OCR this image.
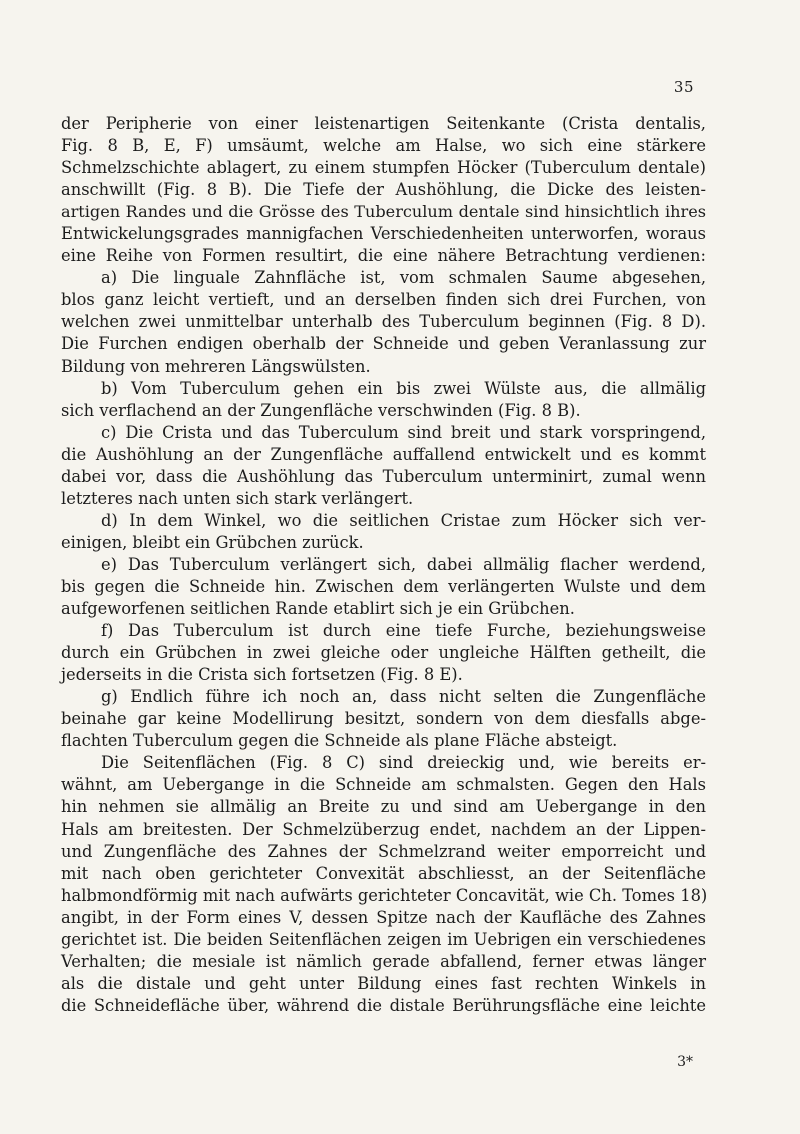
35
der Peripherie von einer leistenartigen Seitenkante (Crista dentalis,
Fig. 8 B, E, F) umsäumt, welche am Halse, wo sich eine stärkere
Schmelzschichte ablagert, zu einem stumpfen Höcker (Tuberculum dentale)
anschwillt (Fig. 8 B). Die Tiefe der Aushöhlung, die Dicke des leisten-
artigen Randes und die Grösse des Tuberculum dentale sind hinsichtlich ihres
Entwickelungsgrades mannigfachen Verschiedenheiten unterworfen, woraus
eine Reihe von Formen resultirt, die eine nähere Betrachtung verdienen:
a) Die linguale Zahnfläche ist, vom schmalen Saume abgesehen,
blos ganz leicht vertieft, und an derselben finden sich drei Furchen, von
welchen zwei unmittelbar unterhalb des Tuberculum beginnen (Fig. 8 D).
Die Furchen endigen oberhalb der Schneide und geben Veranlassung zur
Bildung von mehreren Längswülsten.
b) Vom Tuberculum gehen ein bis zwei Wülste aus, die allmälig
sich verflachend an der Zungenfläche verschwinden (Fig. 8 B).
c) Die Crista und das Tuberculum sind breit und stark vorspringend,
die Aushöhlung an der Zungenfläche auffallend entwickelt und es kommt
dabei vor, dass die Aushöhlung das Tuberculum unterminirt, zumal wenn
letzteres nach unten sich stark verlängert.
d) In dem Winkel, wo die seitlichen Cristae zum Höcker sich ver-
einigen, bleibt ein Grübchen zurück.
e) Das Tuberculum verlängert sich, dabei allmälig flacher werdend,
bis gegen die Schneide hin. Zwischen dem verlängerten Wulste und dem
aufgeworfenen seitlichen Rande etablirt sich je ein Grübchen.
f) Das Tuberculum ist durch eine tiefe Furche, beziehungsweise
durch ein Grübchen in zwei gleiche oder ungleiche Hälften getheilt, die
jederseits in die Crista sich fortsetzen (Fig. 8 E).
g) Endlich führe ich noch an, dass nicht selten die Zungenfläche
beinahe gar keine Modellirung besitzt, sondern von dem diesfalls abge-
flachten Tuberculum gegen die Schneide als plane Fläche absteigt.
Die Seitenflächen (Fig. 8 C) sind dreieckig und, wie bereits er-
wähnt, am Uebergange in die Schneide am schmalsten. Gegen den Hals
hin nehmen sie allmälig an Breite zu und sind am Uebergange in den
Hals am breitesten. Der Schmelzüberzug endet, nachdem an der Lippen-
und Zungenfläche des Zahnes der Schmelzrand weiter emporreicht und
mit nach oben gerichteter Convexität abschliesst, an der Seitenfläche
halbmondförmig mit nach aufwärts gerichteter Concavität, wie Ch. Tomes 18)
angibt, in der Form eines V, dessen Spitze nach der Kaufläche des Zahnes
gerichtet ist. Die beiden Seitenflächen zeigen im Uebrigen ein verschiedenes
Verhalten; die mesiale ist nämlich gerade abfallend, ferner etwas länger
als die distale und geht unter Bildung eines fast rechten Winkels in
die Schneidefläche über, während die distale Berührungsfläche eine leichte
3*
